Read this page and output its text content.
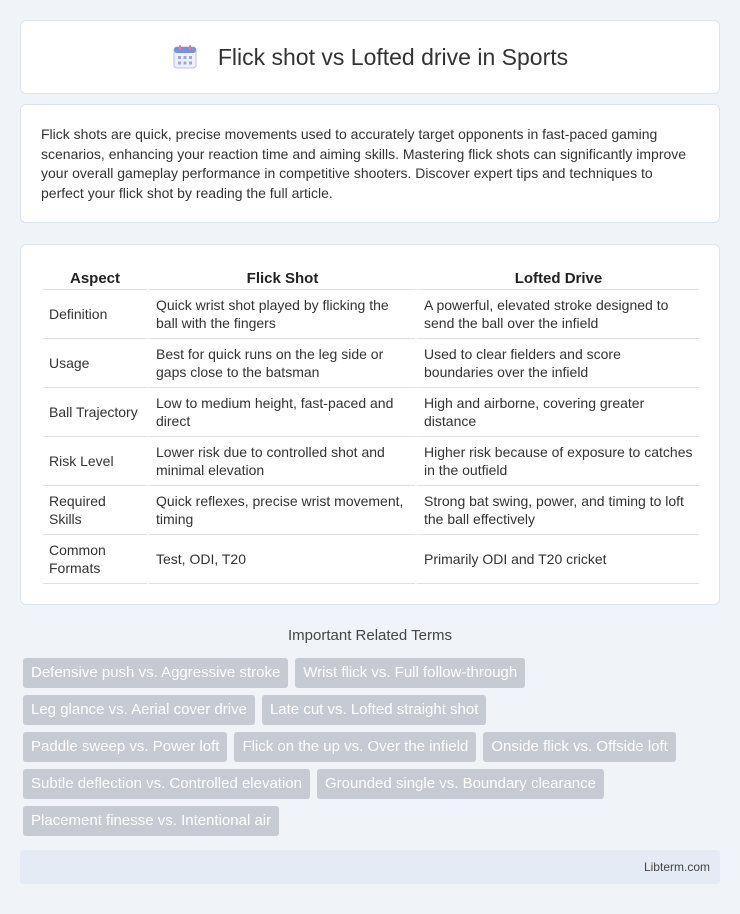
Flick shot vs Lofted drive in Sports

Flick shots are quick, precise movements used to accurately target opponents in fast-paced gaming scenarios, enhancing your reaction time and aiming skills. Mastering flick shots can significantly improve your overall gameplay performance in competitive shooters. Discover expert tips and techniques to perfect your flick shot by reading the full article.

Aspect	Flick Shot	Lofted Drive
Definition	Quick wrist shot played by flicking the ball with the fingers	A powerful, elevated stroke designed to send the ball over the infield
Usage	Best for quick runs on the leg side or gaps close to the batsman	Used to clear fielders and score boundaries over the infield
Ball Trajectory	Low to medium height, fast-paced and direct	High and airborne, covering greater distance
Risk Level	Lower risk due to controlled shot and minimal elevation	Higher risk because of exposure to catches in the outfield
Required Skills	Quick reflexes, precise wrist movement, timing	Strong bat swing, power, and timing to loft the ball effectively
Common Formats	Test, ODI, T20	Primarily ODI and T20 cricket
Important Related Terms
Defensive push vs. Aggressive stroke	Wrist flick vs. Full follow-through
Leg glance vs. Aerial cover drive	Late cut vs. Lofted straight shot
Paddle sweep vs. Power loft	Flick on the up vs. Over the infield	Onside flick vs. Offside loft
Subtle deflection vs. Controlled elevation	Grounded single vs. Boundary clearance
Placement finesse vs. Intentional air
Libterm.com
